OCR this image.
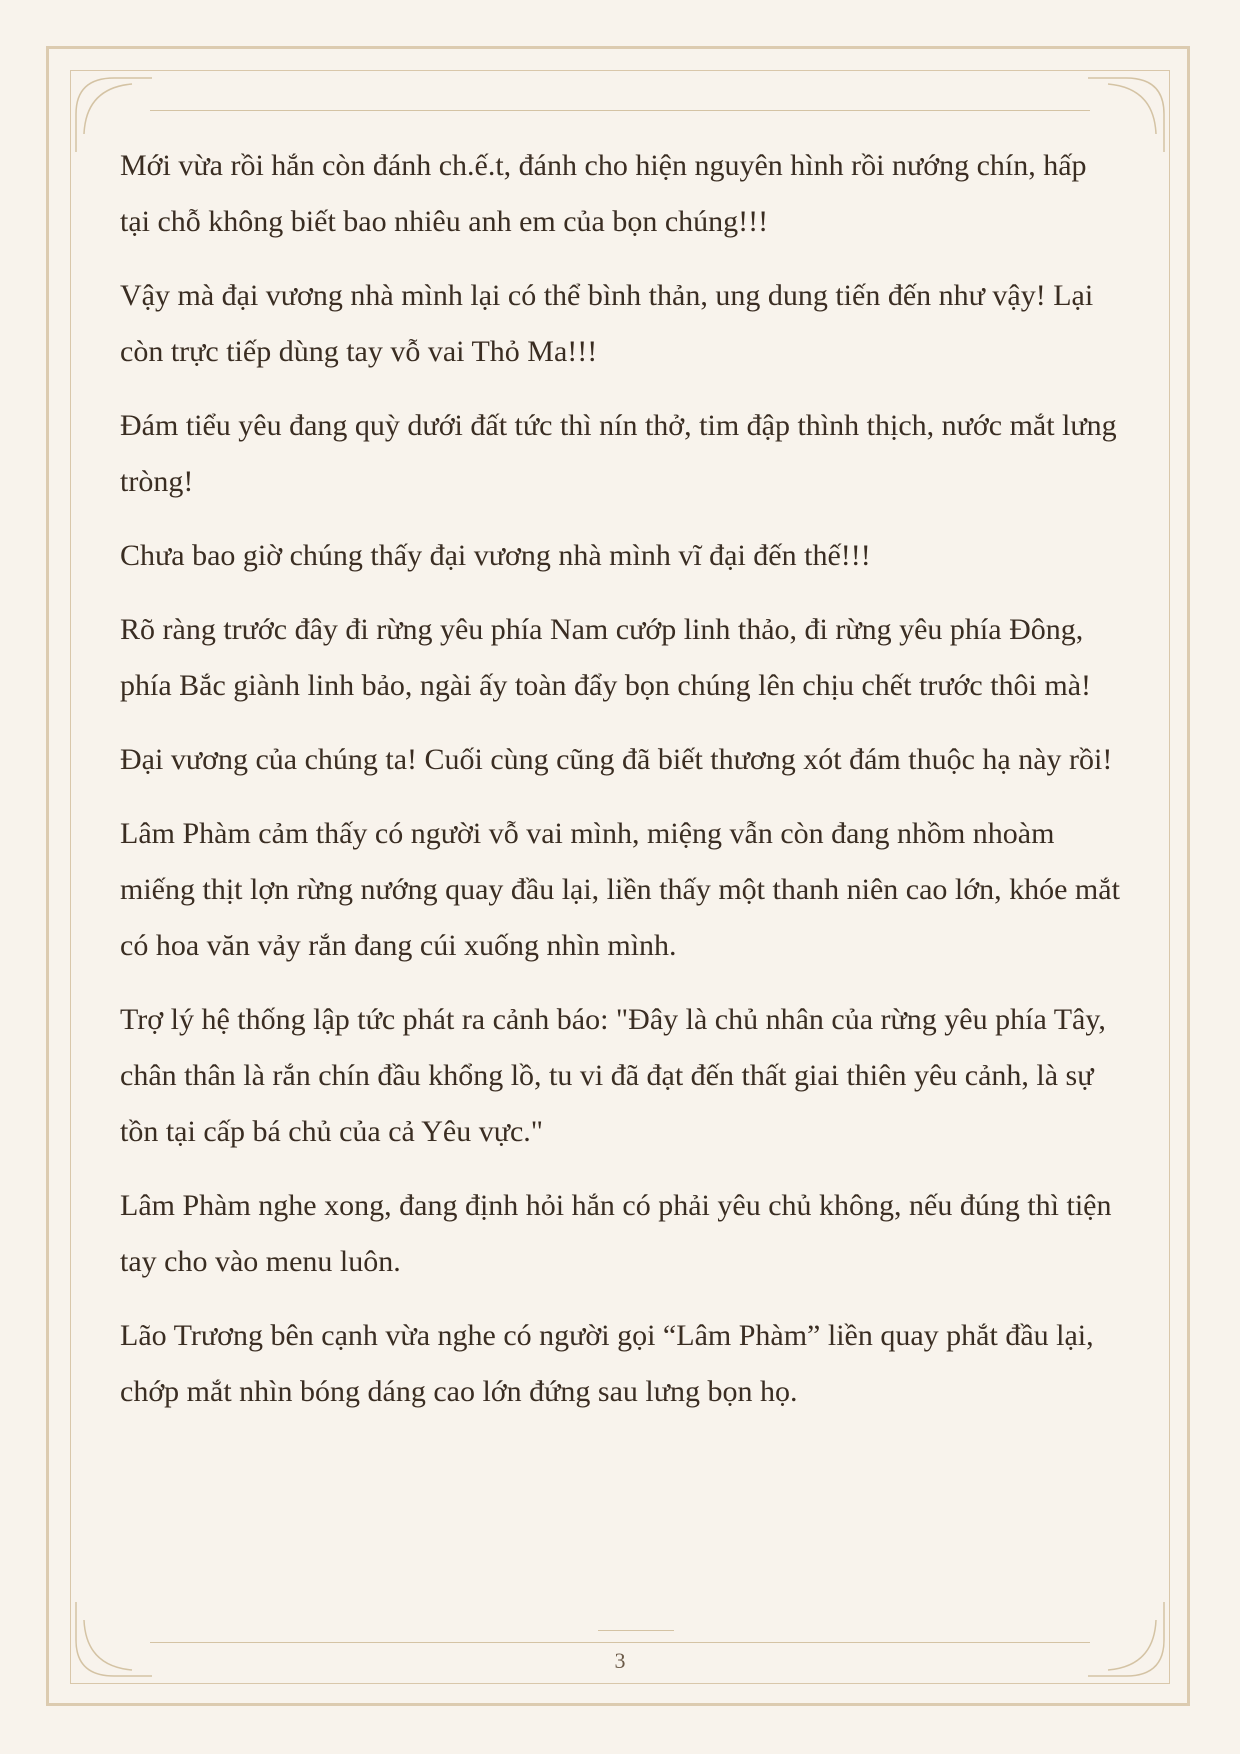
Mới vừa rồi hắn còn đánh ch.ế.t, đánh cho hiện nguyên hình rồi nướng chín, hấp tại chỗ không biết bao nhiêu anh em của bọn chúng!!!

Vậy mà đại vương nhà mình lại có thể bình thản, ung dung tiến đến như vậy! Lại còn trực tiếp dùng tay vỗ vai Thỏ Ma!!!

Đám tiểu yêu đang quỳ dưới đất tức thì nín thở, tim đập thình thịch, nước mắt lưng tròng!

Chưa bao giờ chúng thấy đại vương nhà mình vĩ đại đến thế!!!

Rõ ràng trước đây đi rừng yêu phía Nam cướp linh thảo, đi rừng yêu phía Đông, phía Bắc giành linh bảo, ngài ấy toàn đẩy bọn chúng lên chịu chết trước thôi mà!

Đại vương của chúng ta! Cuối cùng cũng đã biết thương xót đám thuộc hạ này rồi!

Lâm Phàm cảm thấy có người vỗ vai mình, miệng vẫn còn đang nhồm nhoàm miếng thịt lợn rừng nướng quay đầu lại, liền thấy một thanh niên cao lớn, khóe mắt có hoa văn vảy rắn đang cúi xuống nhìn mình.

Trợ lý hệ thống lập tức phát ra cảnh báo: "Đây là chủ nhân của rừng yêu phía Tây, chân thân là rắn chín đầu khổng lồ, tu vi đã đạt đến thất giai thiên yêu cảnh, là sự tồn tại cấp bá chủ của cả Yêu vực."

Lâm Phàm nghe xong, đang định hỏi hắn có phải yêu chủ không, nếu đúng thì tiện tay cho vào menu luôn.

Lão Trương bên cạnh vừa nghe có người gọi “Lâm Phàm” liền quay phắt đầu lại, chớp mắt nhìn bóng dáng cao lớn đứng sau lưng bọn họ.

3
